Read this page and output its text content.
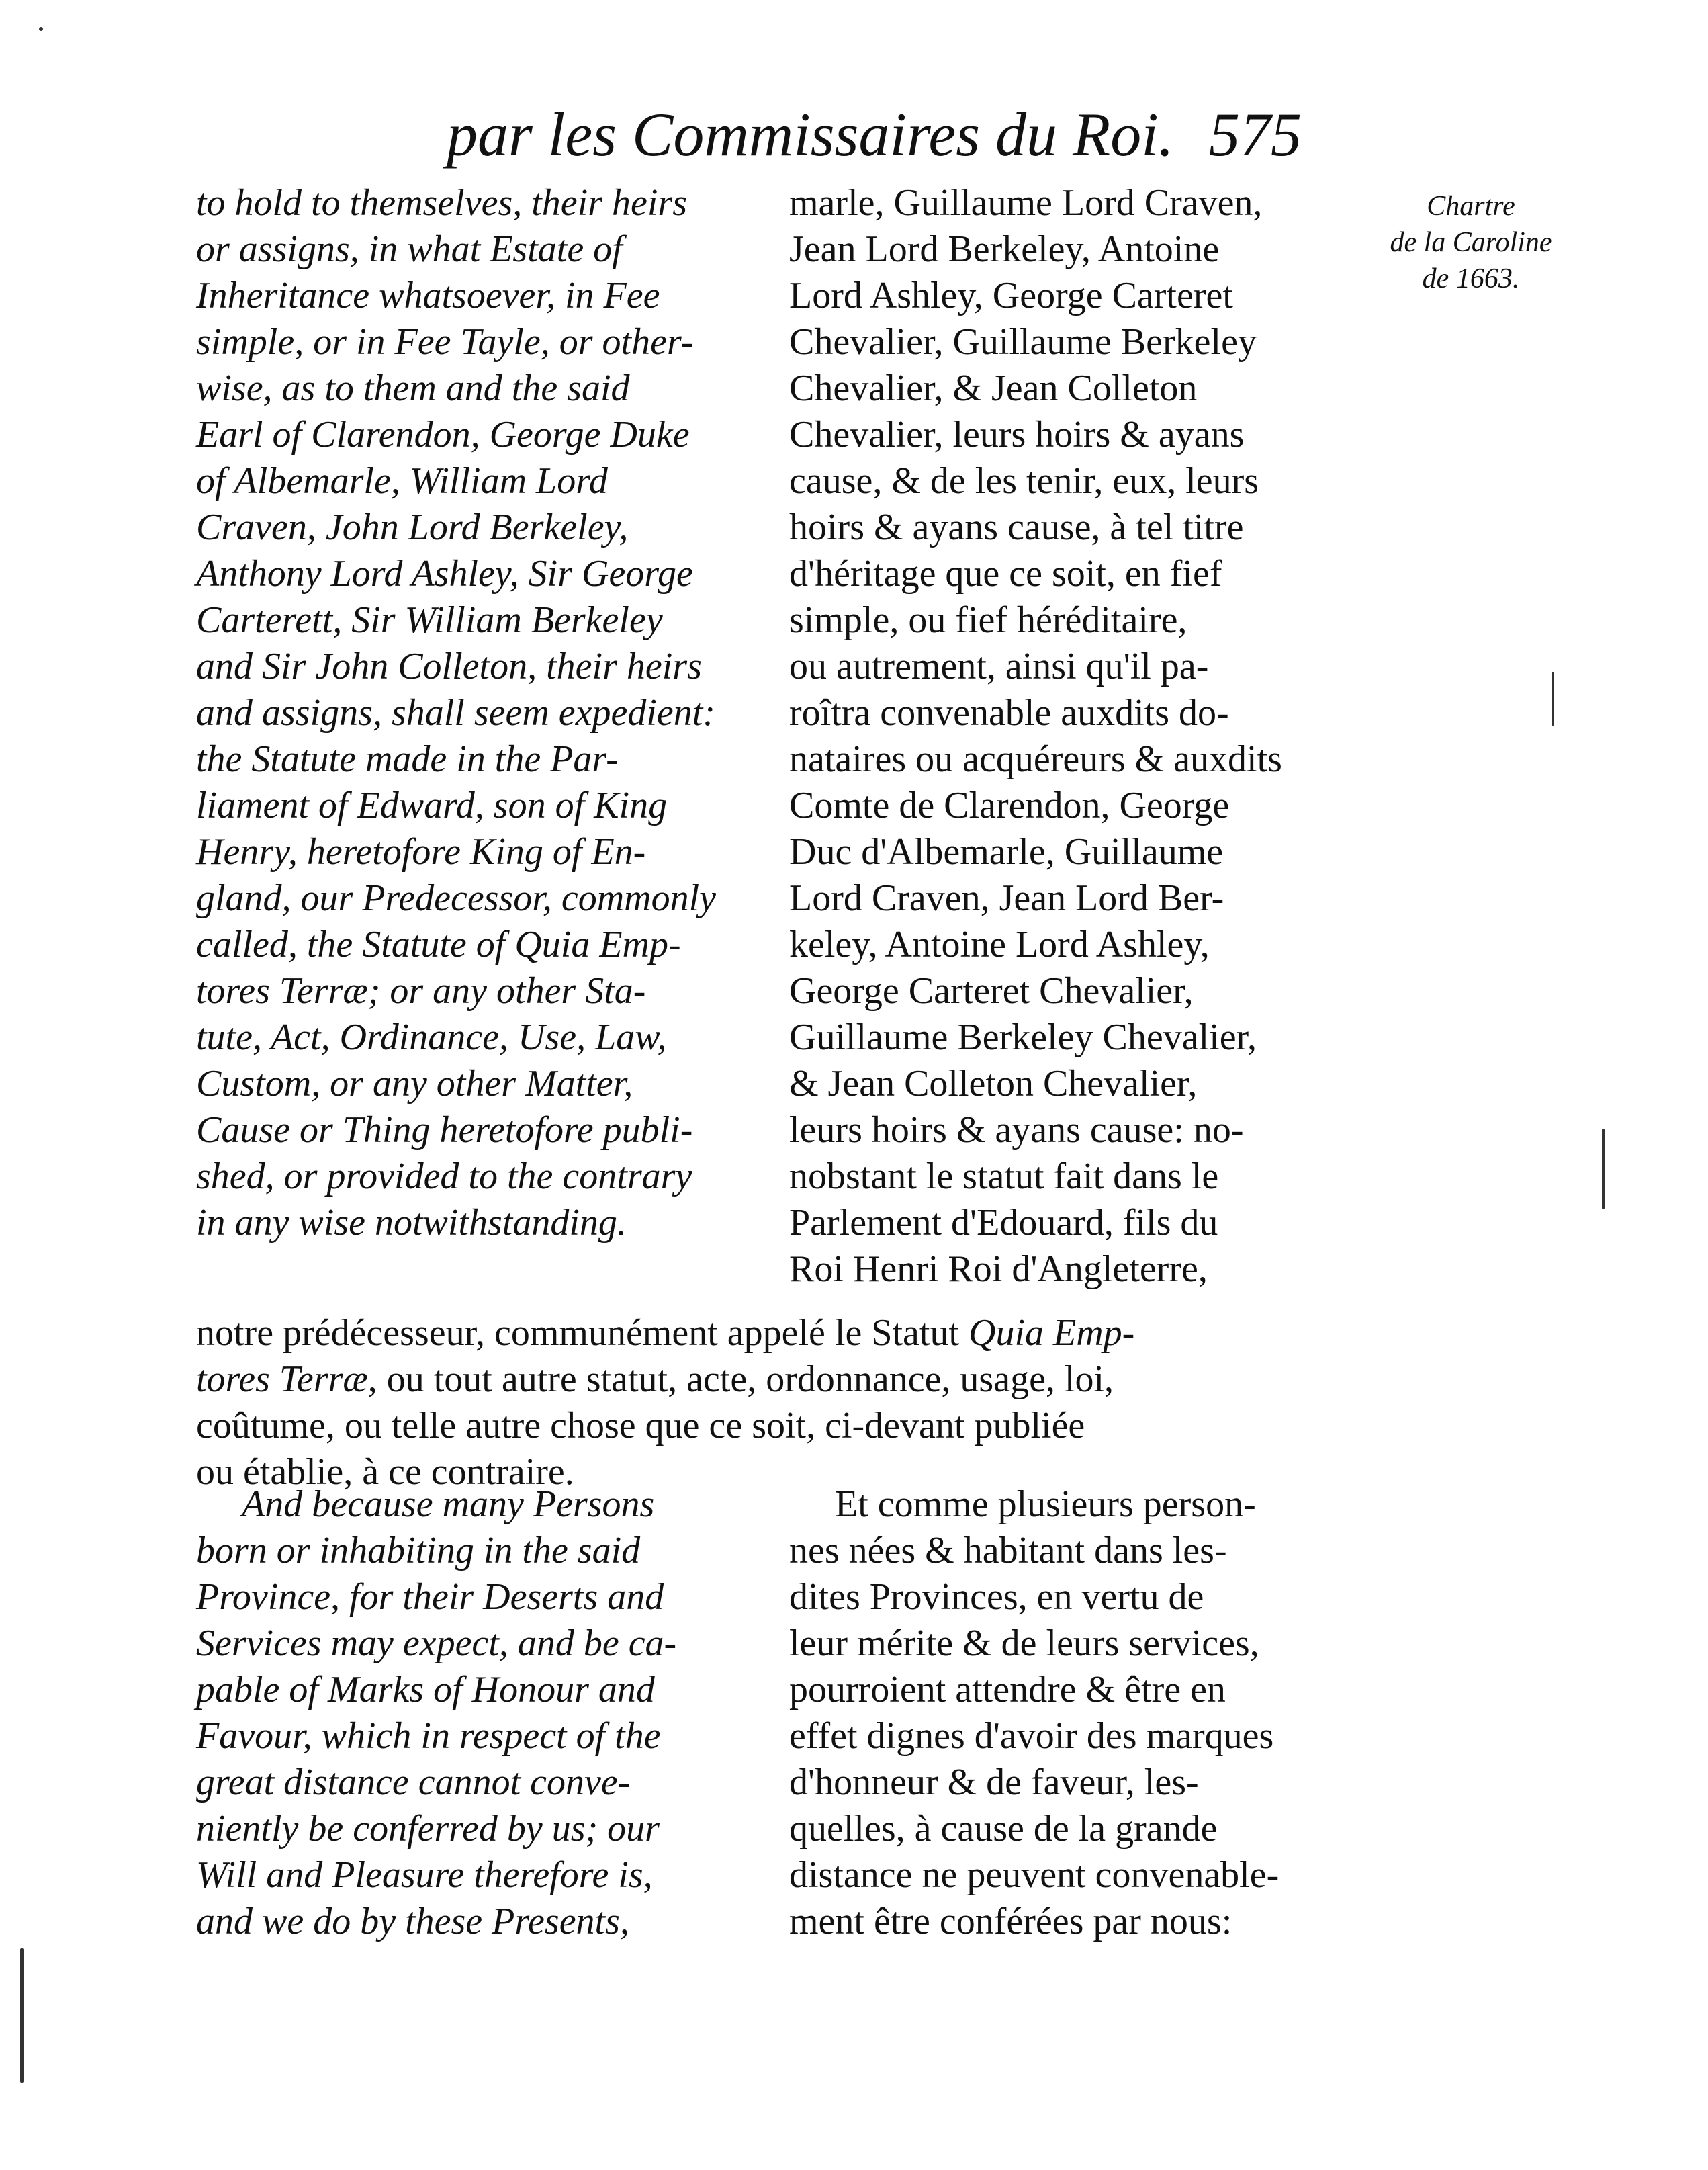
par les Commissaires du Roi. 575
Chartre
de la Caroline
de 1663.
to hold to themselves, their heirs
or assigns, in what Estate of
Inheritance whatsoever, in Fee
simple, or in Fee Tayle, or other-
wise, as to them and the said
Earl of Clarendon, George Duke
of Albemarle, William Lord
Craven, John Lord Berkeley,
Anthony Lord Ashley, Sir George
Carterett, Sir William Berkeley
and Sir John Colleton, their heirs
and assigns, shall seem expedient:
the Statute made in the Par-
liament of Edward, son of King
Henry, heretofore King of En-
gland, our Predecessor, commonly
called, the Statute of Quia Emp-
tores Terræ; or any other Sta-
tute, Act, Ordinance, Use, Law,
Custom, or any other Matter,
Cause or Thing heretofore publi-
shed, or provided to the contrary
in any wise notwithstanding.
marle, Guillaume Lord Craven,
Jean Lord Berkeley, Antoine
Lord Ashley, George Carteret
Chevalier, Guillaume Berkeley
Chevalier, & Jean Colleton
Chevalier, leurs hoirs & ayans
cause, & de les tenir, eux, leurs
hoirs & ayans cause, à tel titre
d'héritage que ce soit, en fief
simple, ou fief héréditaire,
ou autrement, ainsi qu'il pa-
roîtra convenable auxdits do-
nataires ou acquéreurs & auxdits
Comte de Clarendon, George
Duc d'Albemarle, Guillaume
Lord Craven, Jean Lord Ber-
keley, Antoine Lord Ashley,
George Carteret Chevalier,
Guillaume Berkeley Chevalier,
& Jean Colleton Chevalier,
leurs hoirs & ayans cause: no-
nobstant le statut fait dans le
Parlement d'Edouard, fils du
Roi Henri Roi d'Angleterre,
notre prédécesseur, communément appelé le Statut Quia Emp-
tores Terræ, ou tout autre statut, acte, ordonnance, usage, loi,
coûtume, ou telle autre chose que ce soit, ci-devant publiée
ou établie, à ce contraire.
And because many Persons
born or inhabiting in the said
Province, for their Deserts and
Services may expect, and be ca-
pable of Marks of Honour and
Favour, which in respect of the
great distance cannot conve-
niently be conferred by us; our
Will and Pleasure therefore is,
and we do by these Presents,
Et comme plusieurs person-
nes nées & habitant dans les-
dites Provinces, en vertu de
leur mérite & de leurs services,
pourroient attendre & être en
effet dignes d'avoir des marques
d'honneur & de faveur, les-
quelles, à cause de la grande
distance ne peuvent convenable-
ment être conférées par nous:
